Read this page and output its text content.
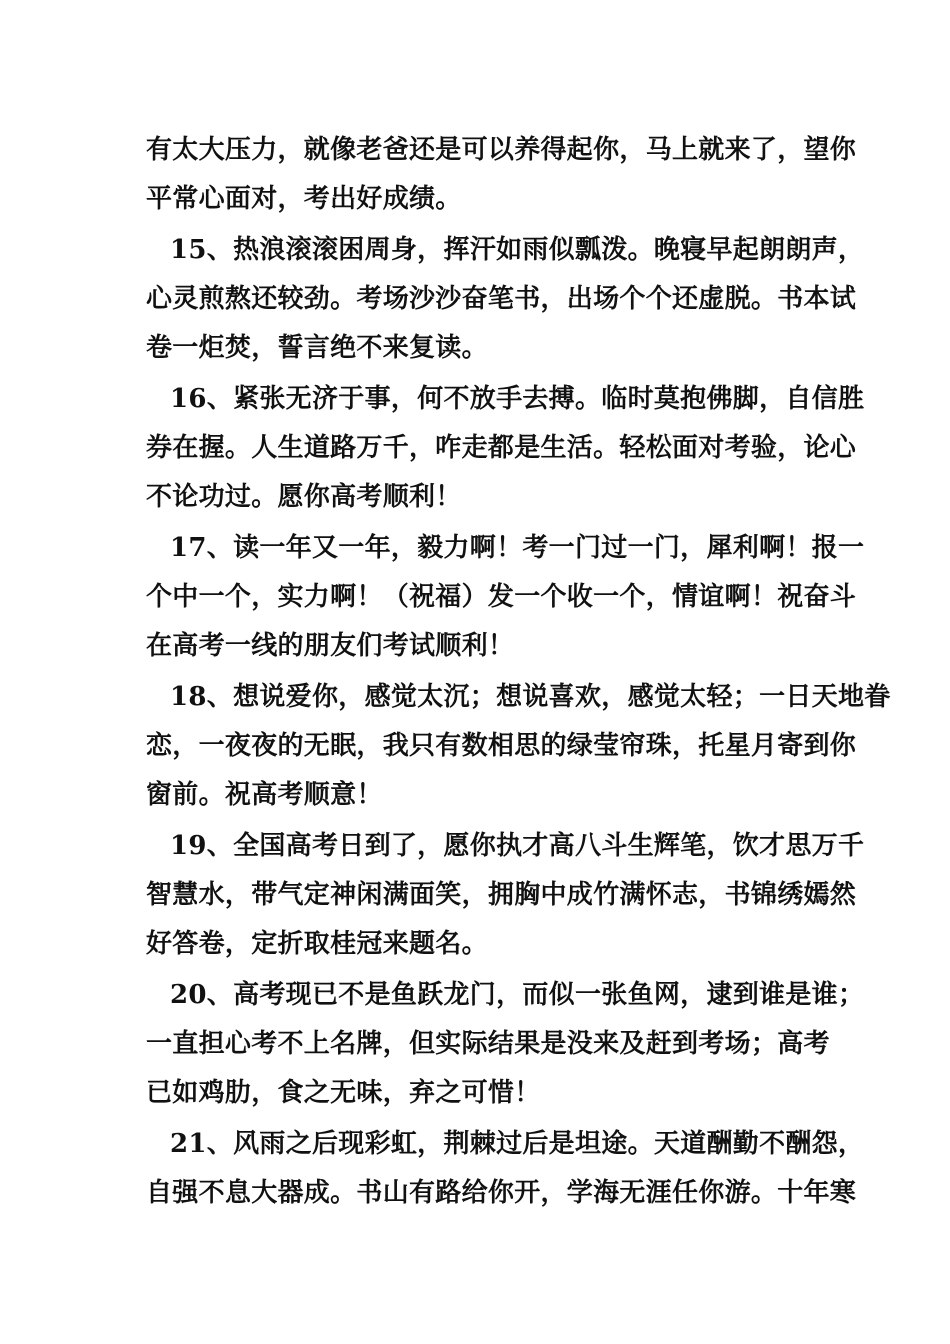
有太大压力，就像老爸还是可以养得起你，马上就来了，望你
平常心面对，考出好成绩。
15、热浪滚滚困周身，挥汗如雨似瓢泼。晚寝早起朗朗声，
心灵煎熬还较劲。考场沙沙奋笔书，出场个个还虚脱。书本试
卷一炬焚，誓言绝不来复读。
16、紧张无济于事，何不放手去搏。临时莫抱佛脚，自信胜
券在握。人生道路万千，咋走都是生活。轻松面对考验，论心
不论功过。愿你高考顺利！
17、读一年又一年，毅力啊！考一门过一门，犀利啊！报一
个中一个，实力啊！（祝福）发一个收一个，情谊啊！祝奋斗
在高考一线的朋友们考试顺利！
18、想说爱你，感觉太沉；想说喜欢，感觉太轻；一日天地眷
恋，一夜夜的无眠，我只有数相思的绿莹帘珠，托星月寄到你
窗前。祝高考顺意！
19、全国高考日到了，愿你执才高八斗生辉笔，饮才思万千
智慧水，带气定神闲满面笑，拥胸中成竹满怀志，书锦绣嫣然
好答卷，定折取桂冠来题名。
20、高考现已不是鱼跃龙门，而似一张鱼网，逮到谁是谁；
一直担心考不上名牌，但实际结果是没来及赶到考场；高考
已如鸡肋，食之无味，弃之可惜！
21、风雨之后现彩虹，荆棘过后是坦途。天道酬勤不酬怨，
自强不息大器成。书山有路给你开，学海无涯任你游。十年寒
